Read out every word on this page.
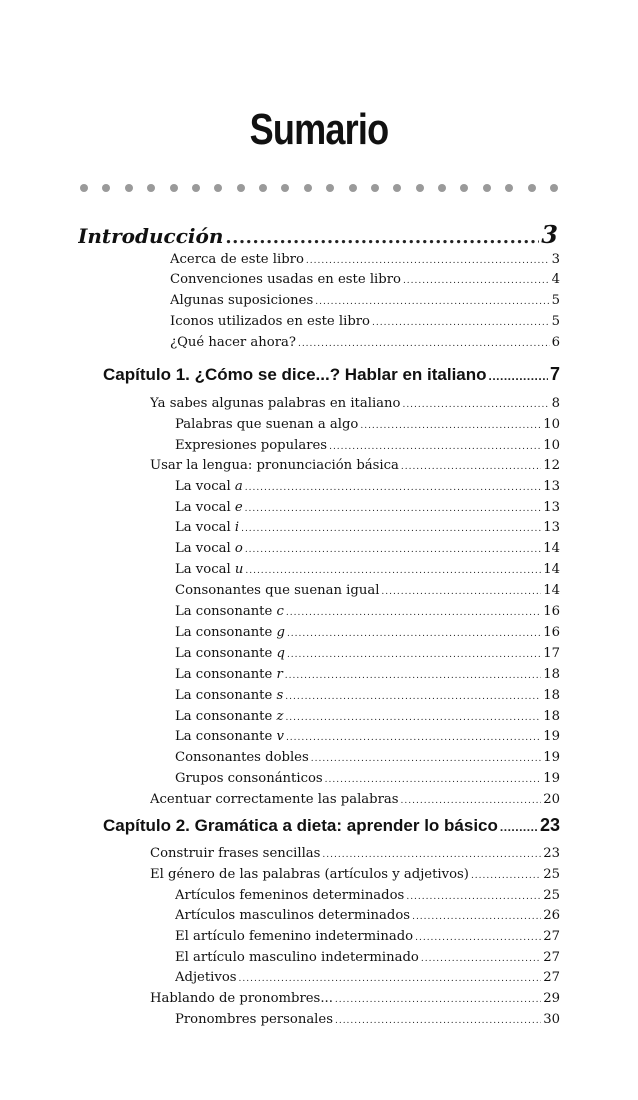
Sumario
Introducción .....	3
Acerca de este libro .....	3
Convenciones usadas en este libro .....	4
Algunas suposiciones .....	5
Iconos utilizados en este libro .....	5
¿Qué hacer ahora? .....	6
Capítulo 1. ¿Cómo se dice...? Hablar en italiano .....	7
Ya sabes algunas palabras en italiano .....	8
Palabras que suenan a algo .....	10
Expresiones populares .....	10
Usar la lengua: pronunciación básica .....	12
La vocal a .....	13
La vocal e .....	13
La vocal i .....	13
La vocal o .....	14
La vocal u .....	14
Consonantes que suenan igual .....	14
La consonante c .....	16
La consonante g .....	16
La consonante q .....	17
La consonante r .....	18
La consonante s .....	18
La consonante z .....	18
La consonante v .....	19
Consonantes dobles .....	19
Grupos consonánticos .....	19
Acentuar correctamente las palabras .....	20
Capítulo 2. Gramática a dieta: aprender lo básico ..... 23
Construir frases sencillas .....	23
El género de las palabras (artículos y adjetivos) .....	25
Artículos femeninos determinados .....	25
Artículos masculinos determinados .....	26
El artículo femenino indeterminado .....	27
El artículo masculino indeterminado .....	27
Adjetivos .....	27
Hablando de pronombres... .....	29
Pronombres personales .....	30
